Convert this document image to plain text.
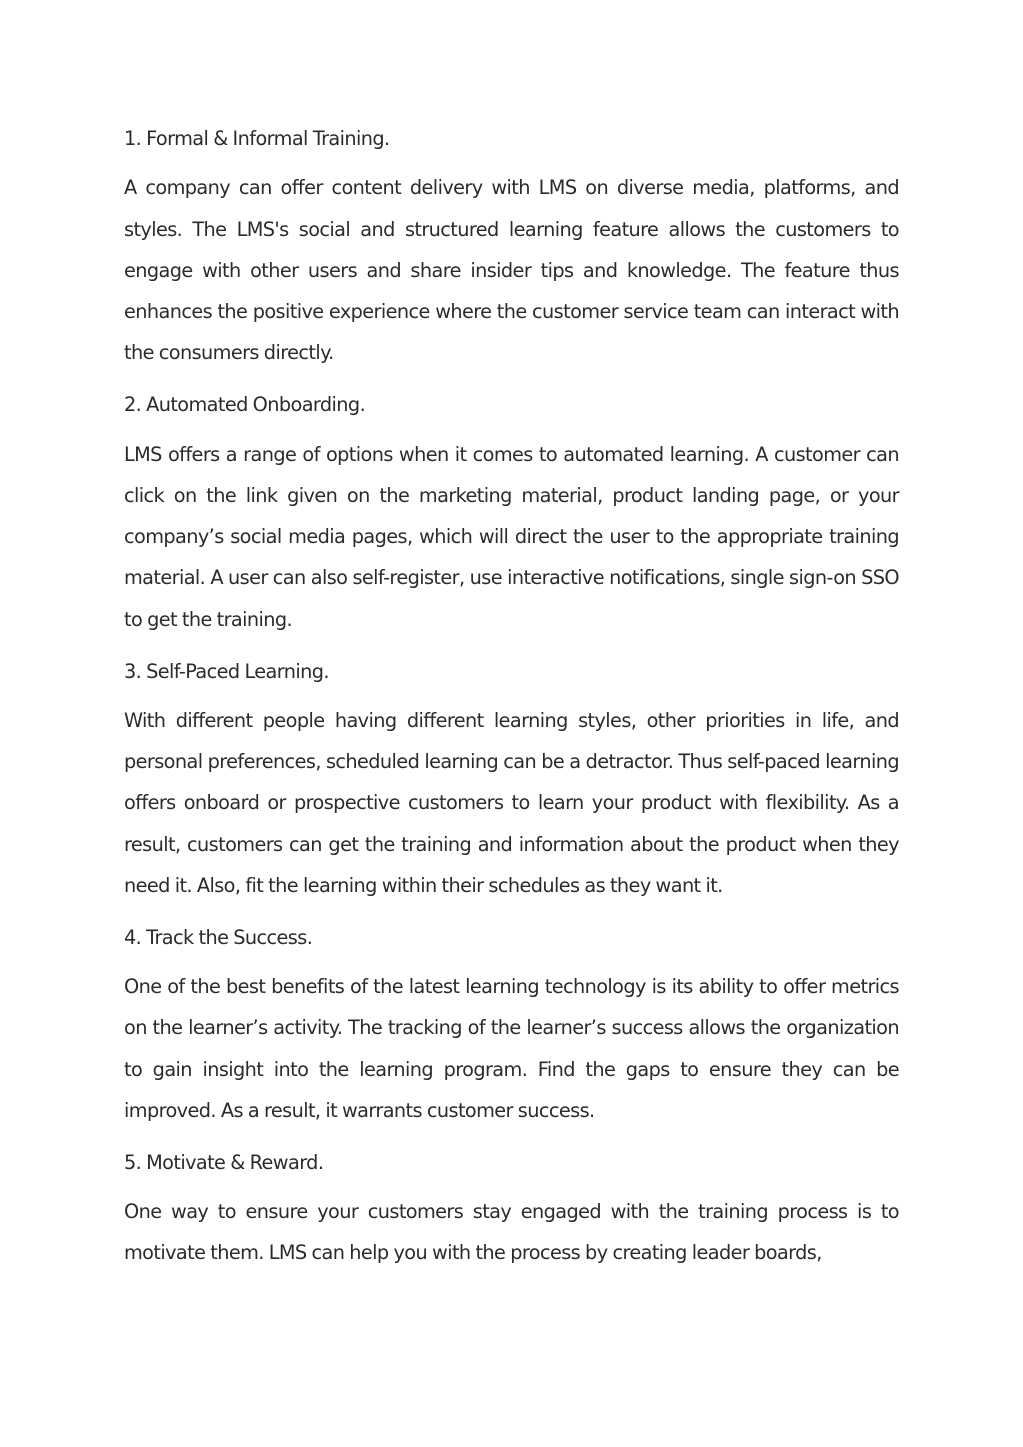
1. Formal & Informal Training.

A company can offer content delivery with LMS on diverse media, platforms, and styles. The LMS's social and structured learning feature allows the customers to engage with other users and share insider tips and knowledge. The feature thus enhances the positive experience where the customer service team can interact with the consumers directly.

2. Automated Onboarding.

LMS offers a range of options when it comes to automated learning. A customer can click on the link given on the marketing material, product landing page, or your company’s social media pages, which will direct the user to the appropriate training material. A user can also self-register, use interactive notifications, single sign-on SSO to get the training.

3. Self-Paced Learning.

With different people having different learning styles, other priorities in life, and personal preferences, scheduled learning can be a detractor. Thus self-paced learning offers onboard or prospective customers to learn your product with flexibility. As a result, customers can get the training and information about the product when they need it. Also, fit the learning within their schedules as they want it.

4. Track the Success.

One of the best benefits of the latest learning technology is its ability to offer metrics on the learner’s activity. The tracking of the learner’s success allows the organization to gain insight into the learning program. Find the gaps to ensure they can be improved. As a result, it warrants customer success.

5. Motivate & Reward.

One way to ensure your customers stay engaged with the training process is to motivate them. LMS can help you with the process by creating leader boards,
